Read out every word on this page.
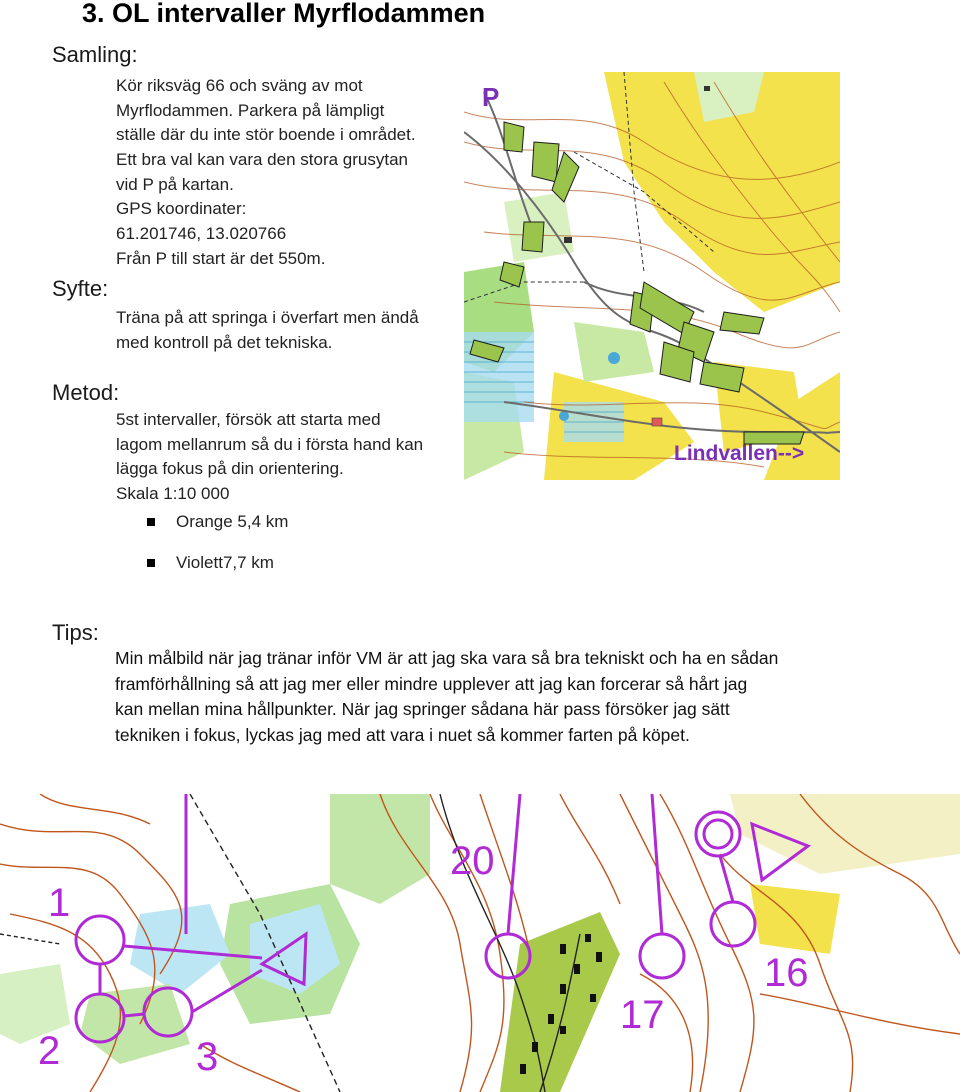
3. OL intervaller Myrflodammen
Samling:
Kör riksväg 66 och sväng av mot
Myrflodammen. Parkera på lämpligt
ställe där du inte stör boende i området.
Ett bra val kan vara den stora grusytan
vid P på kartan.
GPS koordinater:
61.201746, 13.020766
Från P till start är det 550m.
Syfte:
Träna på att springa i överfart men ändå
med kontroll på det tekniska.
Metod:
5st intervaller, försök att starta med
lagom mellanrum så du i första hand kan
lägga fokus på din orientering.
Skala 1:10 000
Orange 5,4 km
Violett7,7 km
Tips:
Min målbild när jag tränar inför VM är att jag ska vara så bra tekniskt och ha en sådan
framförhållning så att jag mer eller mindre upplever att jag kan forcerar så hårt jag
kan mellan mina hållpunkter. När jag springer sådana här pass försöker jag sätt
tekniken i fokus, lyckas jag med att vara i nuet så kommer farten på köpet.
P
Lindvallen-->
1
2	3
20
17
16
